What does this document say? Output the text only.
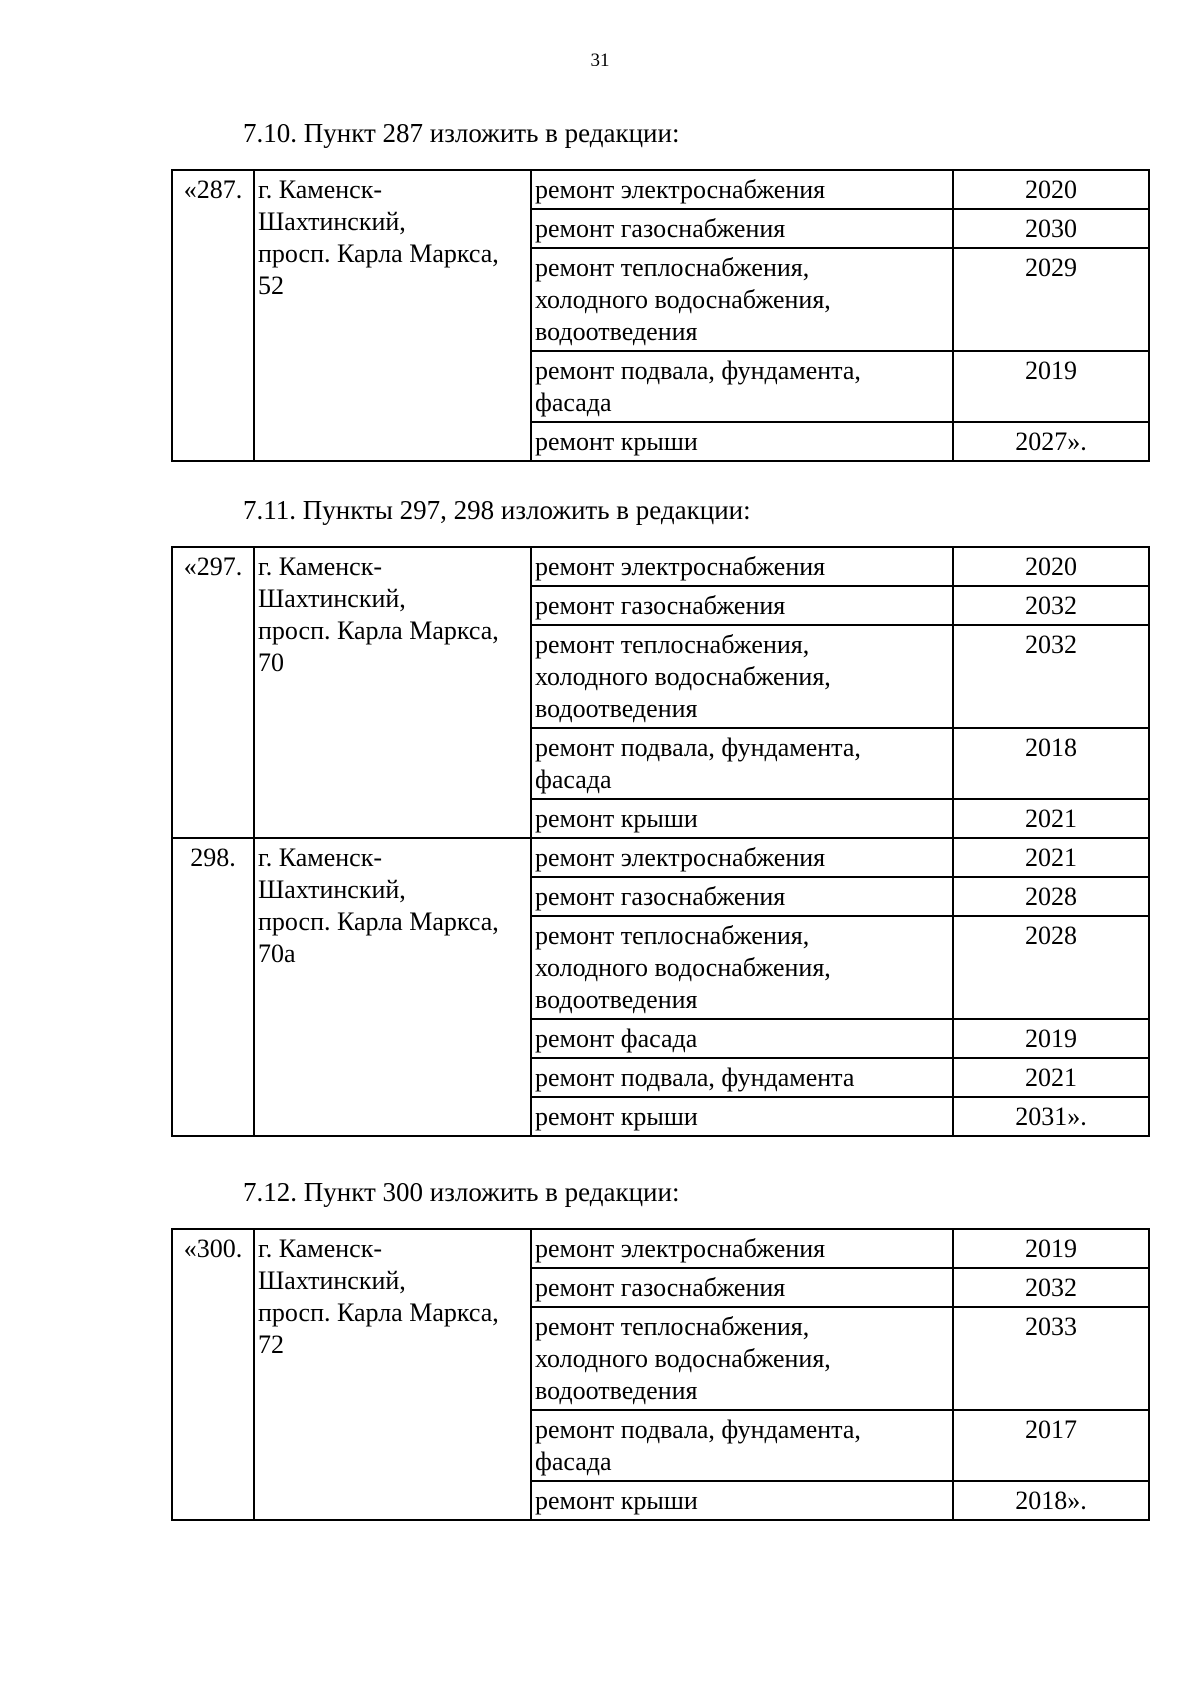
31
7.10. Пункт 287 изложить в редакции:
«287.	г. Каменск-
Шахтинский,
просп. Карла Маркса,
52	ремонт электроснабжения	2020
		ремонт газоснабжения	2030
		ремонт теплоснабжения,
холодного водоснабжения,
водоотведения	2029
		ремонт подвала, фундамента,
фасада	2019
		ремонт крыши	2027».
7.11. Пункты 297, 298 изложить в редакции:
«297.	г. Каменск-
Шахтинский,
просп. Карла Маркса,
70	ремонт электроснабжения	2020
		ремонт газоснабжения	2032
		ремонт теплоснабжения,
холодного водоснабжения,
водоотведения	2032
		ремонт подвала, фундамента,
фасада	2018
		ремонт крыши	2021
298.	г. Каменск-
Шахтинский,
просп. Карла Маркса,
70а	ремонт электроснабжения	2021
		ремонт газоснабжения	2028
		ремонт теплоснабжения,
холодного водоснабжения,
водоотведения	2028
		ремонт фасада	2019
		ремонт подвала, фундамента	2021
		ремонт крыши	2031».
7.12. Пункт 300 изложить в редакции:
«300.	г. Каменск-
Шахтинский,
просп. Карла Маркса,
72	ремонт электроснабжения	2019
		ремонт газоснабжения	2032
		ремонт теплоснабжения,
холодного водоснабжения,
водоотведения	2033
		ремонт подвала, фундамента,
фасада	2017
		ремонт крыши	2018».
